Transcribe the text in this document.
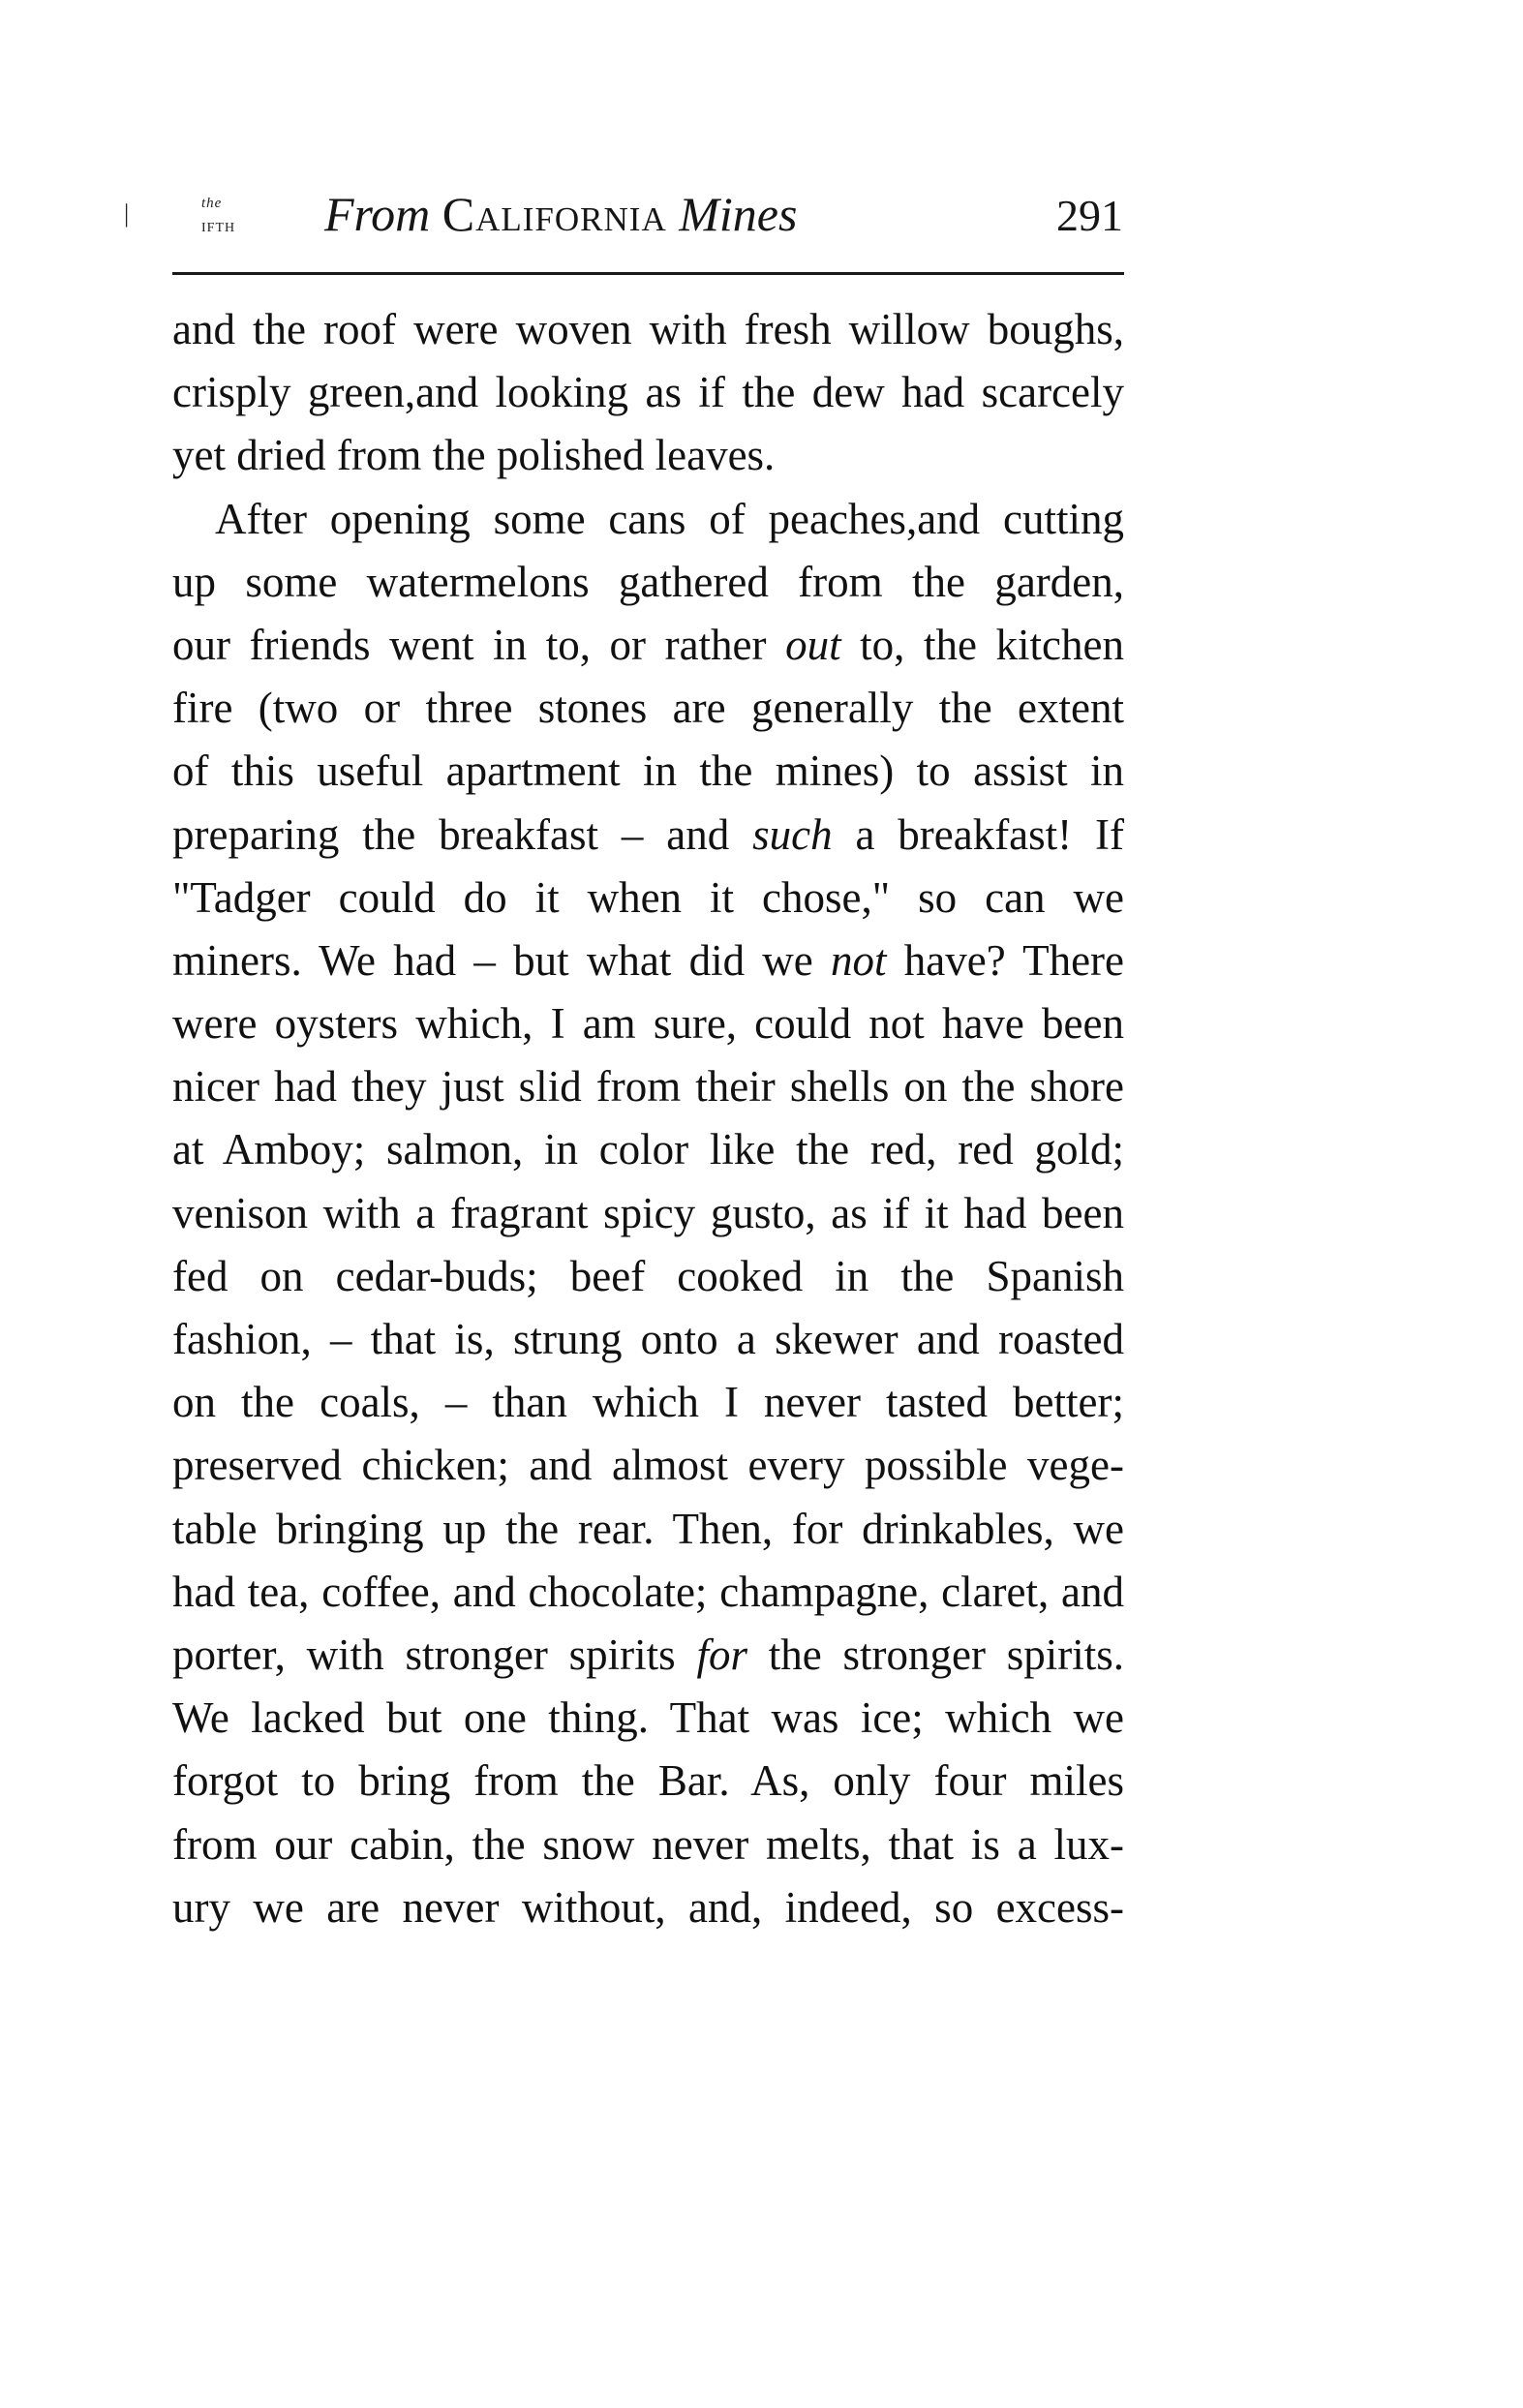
|	the
IFTH From California Mines	291
and the roof were woven with fresh willow boughs,
crisply green,and looking as if the dew had scarcely
yet dried from the polished leaves.
After opening some cans of peaches,and cutting
up some watermelons gathered from the garden,
our friends went in to, or rather out to, the kitchen
fire (two or three stones are generally the extent
of this useful apartment in the mines) to assist in
preparing the breakfast – and such a breakfast! If
"Tadger could do it when it chose," so can we
miners. We had – but what did we not have? There
were oysters which, I am sure, could not have been
nicer had they just slid from their shells on the shore
at Amboy; salmon, in color like the red, red gold;
venison with a fragrant spicy gusto, as if it had been
fed on cedar-buds; beef cooked in the Spanish
fashion, – that is, strung onto a skewer and roasted
on the coals, – than which I never tasted better;
preserved chicken; and almost every possible vege-
table bringing up the rear. Then, for drinkables, we
had tea, coffee, and chocolate; champagne, claret, and
porter, with stronger spirits for the stronger spirits.
We lacked but one thing. That was ice; which we
forgot to bring from the Bar. As, only four miles
from our cabin, the snow never melts, that is a lux-
ury we are never without, and, indeed, so excess-
